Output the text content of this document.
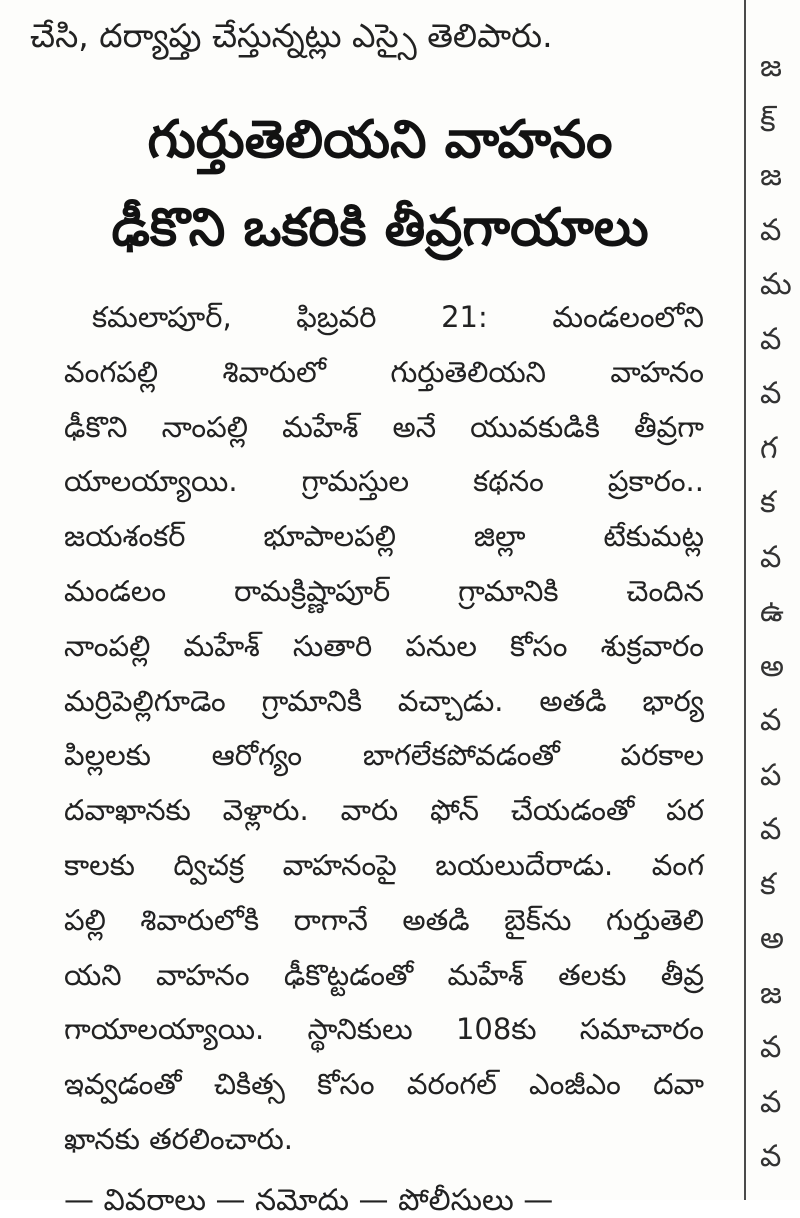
చేసి, దర్యాప్తు చేస్తున్నట్లు ఎస్సై తెలిపారు.
గుర్తుతెలియని వాహనం
ఢీకొని ఒకరికి తీవ్రగాయాలు
కమలాపూర్, ఫిబ్రవరి 21: మండలంలోని
వంగపల్లి శివారులో గుర్తుతెలియని వాహనం
ఢీకొని నాంపల్లి మహేశ్ అనే యువకుడికి తీవ్రగా
యాలయ్యాయి. గ్రామస్తుల కథనం ప్రకారం..
జయశంకర్ భూపాలపల్లి జిల్లా టేకుమట్ల
మండలం రామక్రిష్ణాపూర్ గ్రామానికి చెందిన
నాంపల్లి మహేశ్ సుతారి పనుల కోసం శుక్రవారం
మర్రిపెల్లిగూడెం గ్రామానికి వచ్చాడు. అతడి భార్య
పిల్లలకు ఆరోగ్యం బాగలేకపోవడంతో పరకాల
దవాఖానకు వెళ్లారు. వారు ఫోన్ చేయడంతో పర
కాలకు ద్విచక్ర వాహనంపై బయలుదేరాడు. వంగ
పల్లి శివారులోకి రాగానే అతడి బైక్‌ను గుర్తుతెలి
యని వాహనం ఢీకొట్టడంతో మహేశ్ తలకు తీవ్ర
గాయాలయ్యాయి. స్థానికులు 108కు సమాచారం
ఇవ్వడంతో చికిత్స కోసం వరంగల్ ఎంజీఎం దవా
ఖానకు తరలించారు.
జ
క్
జ
వ
మ
వ
వ
గ
క
వ
ఉ
అ
వ
ప
వ
క
అ
జ
వ
వ
వ
— వివరాలు — నమోదు — పోలీసులు —
